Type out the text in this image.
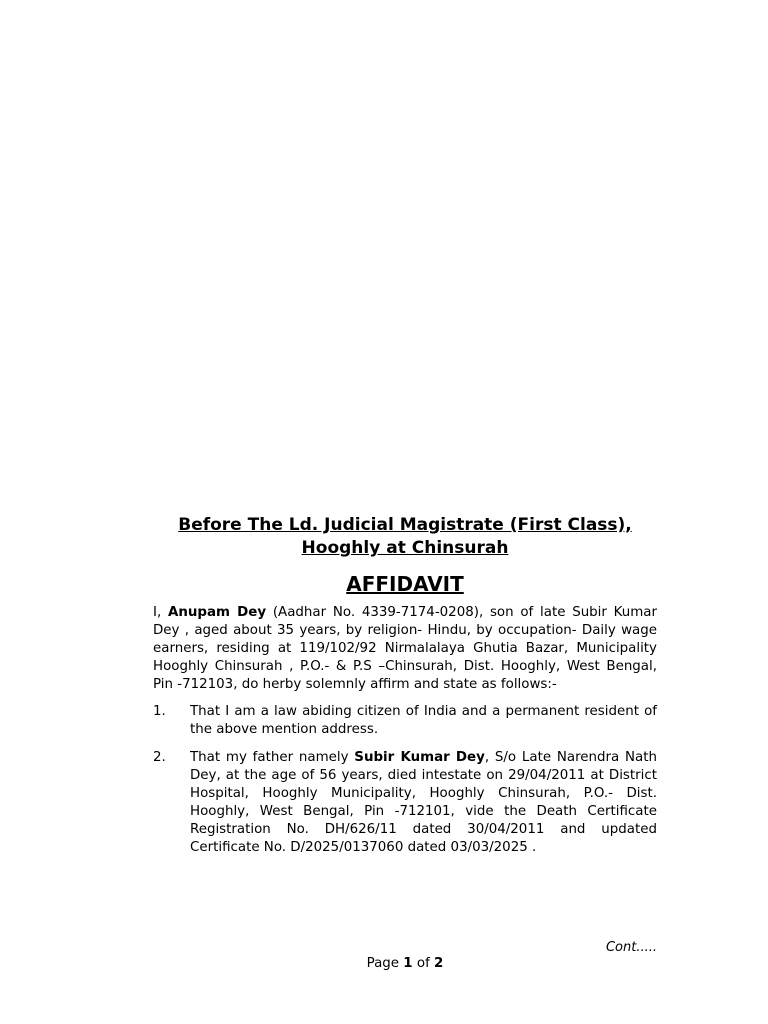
Before The Ld. Judicial Magistrate (First Class),
Hooghly at Chinsurah

AFFIDAVIT

I, Anupam Dey (Aadhar No. 4339-7174-0208), son of late Subir Kumar Dey , aged about 35 years, by religion- Hindu, by occupation- Daily wage earners, residing at 119/102/92 Nirmalalaya Ghutia Bazar, Municipality Hooghly Chinsurah , P.O.- & P.S –Chinsurah, Dist. Hooghly, West Bengal, Pin -712103, do herby solemnly affirm and state as follows:-

1.	That I am a law abiding citizen of India and a permanent resident of the above mention address.
2.	That my father namely Subir Kumar Dey, S/o Late Narendra Nath Dey, at the age of 56 years, died intestate on 29/04/2011 at District Hospital, Hooghly Municipality, Hooghly Chinsurah, P.O.- Dist. Hooghly, West Bengal, Pin -712101, vide the Death Certificate Registration No. DH/626/11 dated 30/04/2011 and updated Certificate No. D/2025/0137060 dated 03/03/2025 .
Cont.....
Page 1 of 2
